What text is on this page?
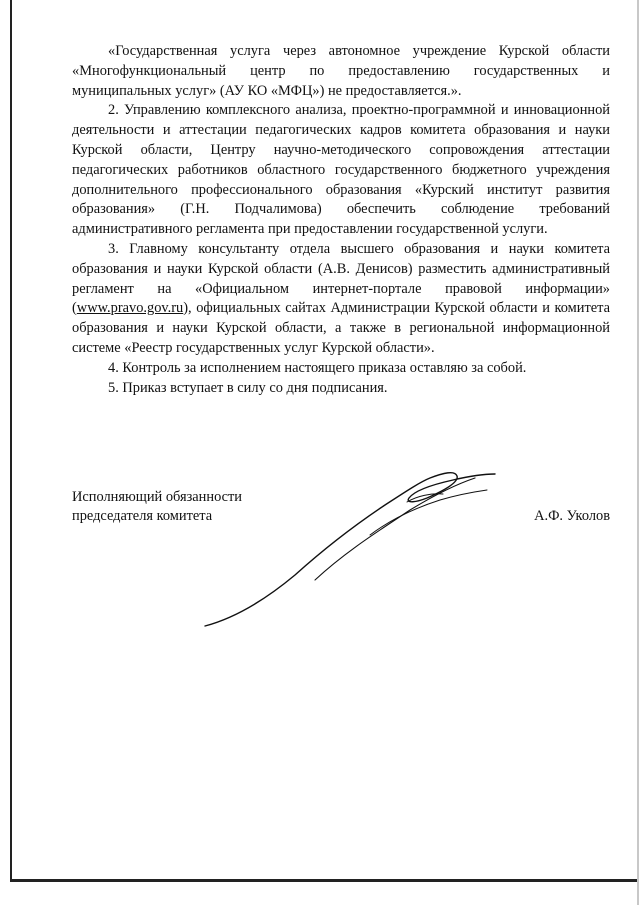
«Государственная услуга через автономное учреждение Курской области «Многофункциональный центр по предоставлению государственных и муниципальных услуг» (АУ КО «МФЦ») не предоставляется.».

2. Управлению комплексного анализа, проектно-программной и инновационной деятельности и аттестации педагогических кадров комитета образования и науки Курской области, Центру научно-методического сопровождения аттестации педагогических работников областного государственного бюджетного учреждения дополнительного профессионального образования «Курский институт развития образования» (Г.Н. Подчалимова) обеспечить соблюдение требований административного регламента при предоставлении государственной услуги.

3. Главному консультанту отдела высшего образования и науки комитета образования и науки Курской области (А.В. Денисов) разместить административный регламент на «Официальном интернет-портале правовой информации» (www.pravo.gov.ru), официальных сайтах Администрации Курской области и комитета образования и науки Курской области, а также в региональной информационной системе «Реестр государственных услуг Курской области».

4. Контроль за исполнением настоящего приказа оставляю за собой.

5. Приказ вступает в силу со дня подписания.

Исполняющий обязанности
председателя комитета	А.Ф. Уколов
